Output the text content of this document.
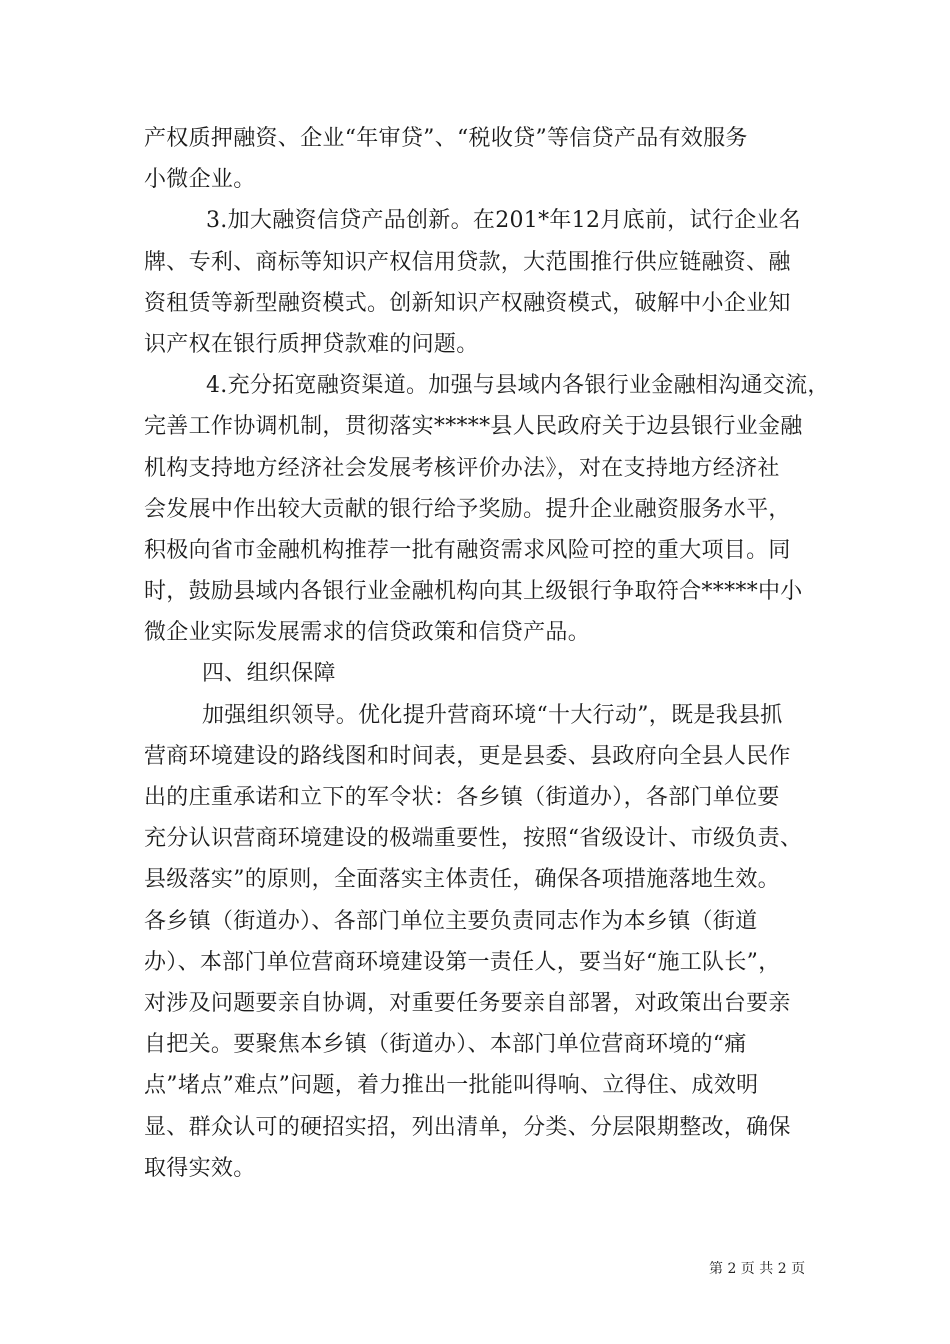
产权质押融资、企业“年审贷”、“税收贷”等信贷产品有效服务
小微企业。
3.加大融资信贷产品创新。在201*年12月底前，试行企业名
牌、专利、商标等知识产权信用贷款，大范围推行供应链融资、融
资租赁等新型融资模式。创新知识产权融资模式，破解中小企业知
识产权在银行质押贷款难的问题。
4.充分拓宽融资渠道。加强与县域内各银行业金融相沟通交流，
完善工作协调机制，贯彻落实*****县人民政府关于边县银行业金融
机构支持地方经济社会发展考核评价办法》，对在支持地方经济社
会发展中作出较大贡献的银行给予奖励。提升企业融资服务水平，
积极向省市金融机构推荐一批有融资需求风险可控的重大项目。同
时，鼓励县域内各银行业金融机构向其上级银行争取符合*****中小
微企业实际发展需求的信贷政策和信贷产品。
四、组织保障
加强组织领导。优化提升营商环境“十大行动”，既是我县抓
营商环境建设的路线图和时间表，更是县委、县政府向全县人民作
出的庄重承诺和立下的军令状：各乡镇（街道办），各部门单位要
充分认识营商环境建设的极端重要性，按照“省级设计、市级负责、
县级落实”的原则，全面落实主体责任，确保各项措施落地生效。
各乡镇（街道办）、各部门单位主要负责同志作为本乡镇（街道
办）、本部门单位营商环境建设第一责任人，要当好“施工队长”，
对涉及问题要亲自协调，对重要任务要亲自部署，对政策出台要亲
自把关。要聚焦本乡镇（街道办）、本部门单位营商环境的“痛
点”堵点”难点”问题，着力推出一批能叫得响、立得住、成效明
显、群众认可的硬招实招，列出清单，分类、分层限期整改，确保
取得实效。
第 2 页 共 2 页
